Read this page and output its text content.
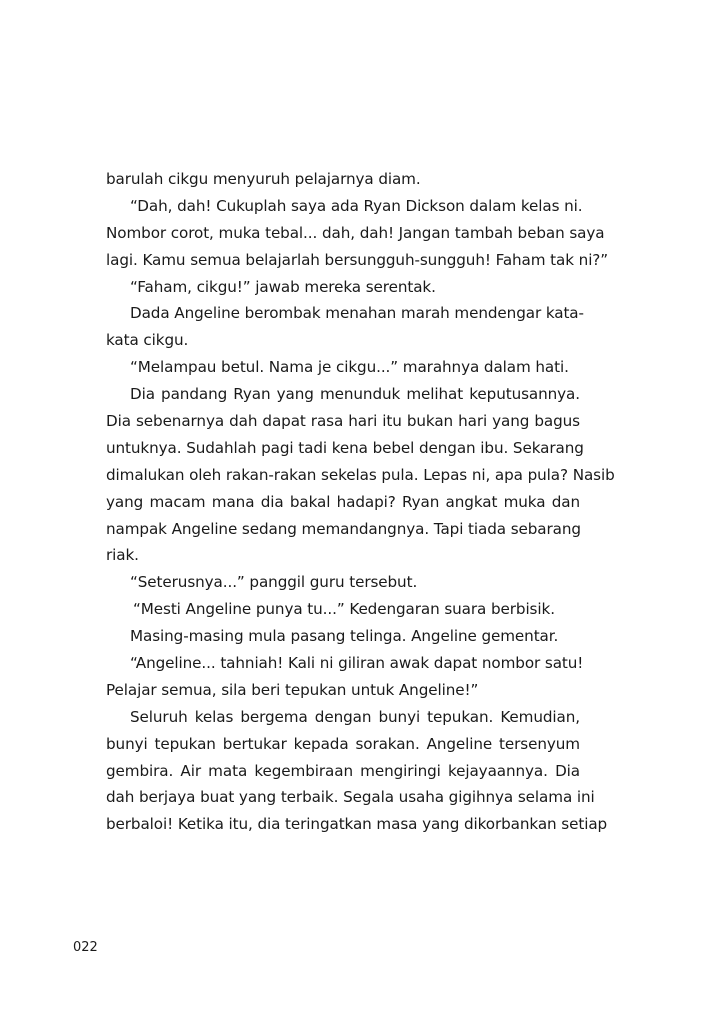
barulah cikgu menyuruh pelajarnya diam.
“Dah, dah! Cukuplah saya ada Ryan Dickson dalam kelas ni.
Nombor corot, muka tebal... dah, dah! Jangan tambah beban saya
lagi. Kamu semua belajarlah bersungguh-sungguh! Faham tak ni?”
“Faham, cikgu!” jawab mereka serentak.
Dada Angeline berombak menahan marah mendengar kata-
kata cikgu.
“Melampau betul. Nama je cikgu...” marahnya dalam hati.
Dia pandang Ryan yang menunduk melihat keputusannya.
Dia sebenarnya dah dapat rasa hari itu bukan hari yang bagus
untuknya. Sudahlah pagi tadi kena bebel dengan ibu. Sekarang
dimalukan oleh rakan-rakan sekelas pula. Lepas ni, apa pula? Nasib
yang macam mana dia bakal hadapi? Ryan angkat muka dan
nampak Angeline sedang memandangnya. Tapi tiada sebarang
riak.
“Seterusnya...” panggil guru tersebut.
“Mesti Angeline punya tu...” Kedengaran suara berbisik.
Masing-masing mula pasang telinga. Angeline gementar.
“Angeline... tahniah! Kali ni giliran awak dapat nombor satu!
Pelajar semua, sila beri tepukan untuk Angeline!”
Seluruh kelas bergema dengan bunyi tepukan. Kemudian,
bunyi tepukan bertukar kepada sorakan. Angeline tersenyum
gembira. Air mata kegembiraan mengiringi kejayaannya. Dia
dah berjaya buat yang terbaik. Segala usaha gigihnya selama ini
berbaloi! Ketika itu, dia teringatkan masa yang dikorbankan setiap
022
